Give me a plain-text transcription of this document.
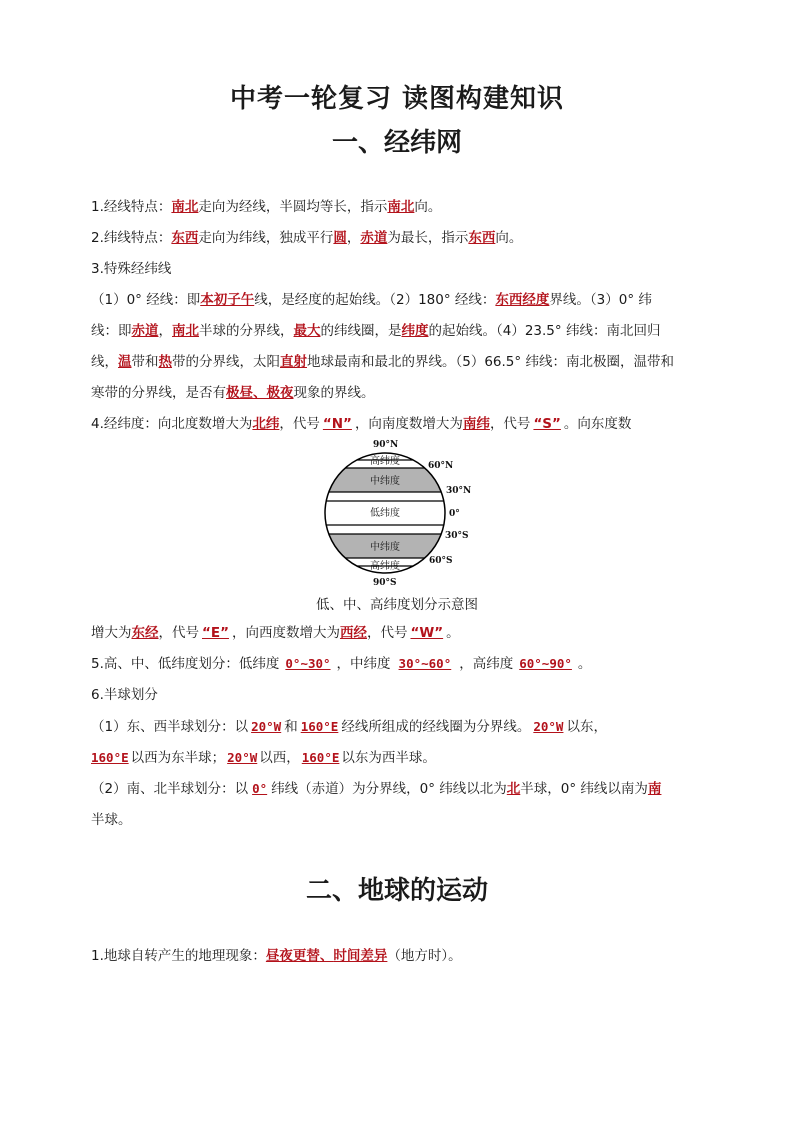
中考一轮复习 读图构建知识
一、经纬网
1.经线特点：南北走向为经线，半圆均等长，指示南北向。
2.纬线特点：东西走向为纬线，独成平行圆，赤道为最长，指示东西向。
3.特殊经纬线
（1）0° 经线：即本初子午线，是经度的起始线。（2）180° 经线：东西经度界线。（3）0° 纬
线：即赤道，南北半球的分界线，最大的纬线圈，是纬度的起始线。（4）23.5° 纬线：南北回归
线，温带和热带的分界线，太阳直射地球最南和最北的界线。（5）66.5° 纬线：南北极圈，温带和
寒带的分界线，是否有极昼、极夜现象的界线。
4.经纬度：向北度数增大为北纬，代号 “N” ，向南度数增大为南纬，代号 “S” 。向东度数
高纬度
中纬度
低纬度
中纬度
高纬度
90°N
60°N
30°N
0°
30°S
60°S
90°S
低、中、高纬度划分示意图
增大为东经，代号 “E” ，向西度数增大为西经，代号 “W” 。
5.高、中、低纬度划分：低纬度 0°~30° ，中纬度 30°~60° ，高纬度 60°~90° 。
6.半球划分
（1）东、西半球划分：以 20°W 和 160°E 经线所组成的经线圈为分界线。 20°W 以东，
160°E 以西为东半球； 20°W 以西， 160°E 以东为西半球。
（2）南、北半球划分：以 0° 纬线（赤道）为分界线，0° 纬线以北为北半球，0° 纬线以南为南
半球。
二、地球的运动
1.地球自转产生的地理现象：昼夜更替、时间差异（地方时）。
